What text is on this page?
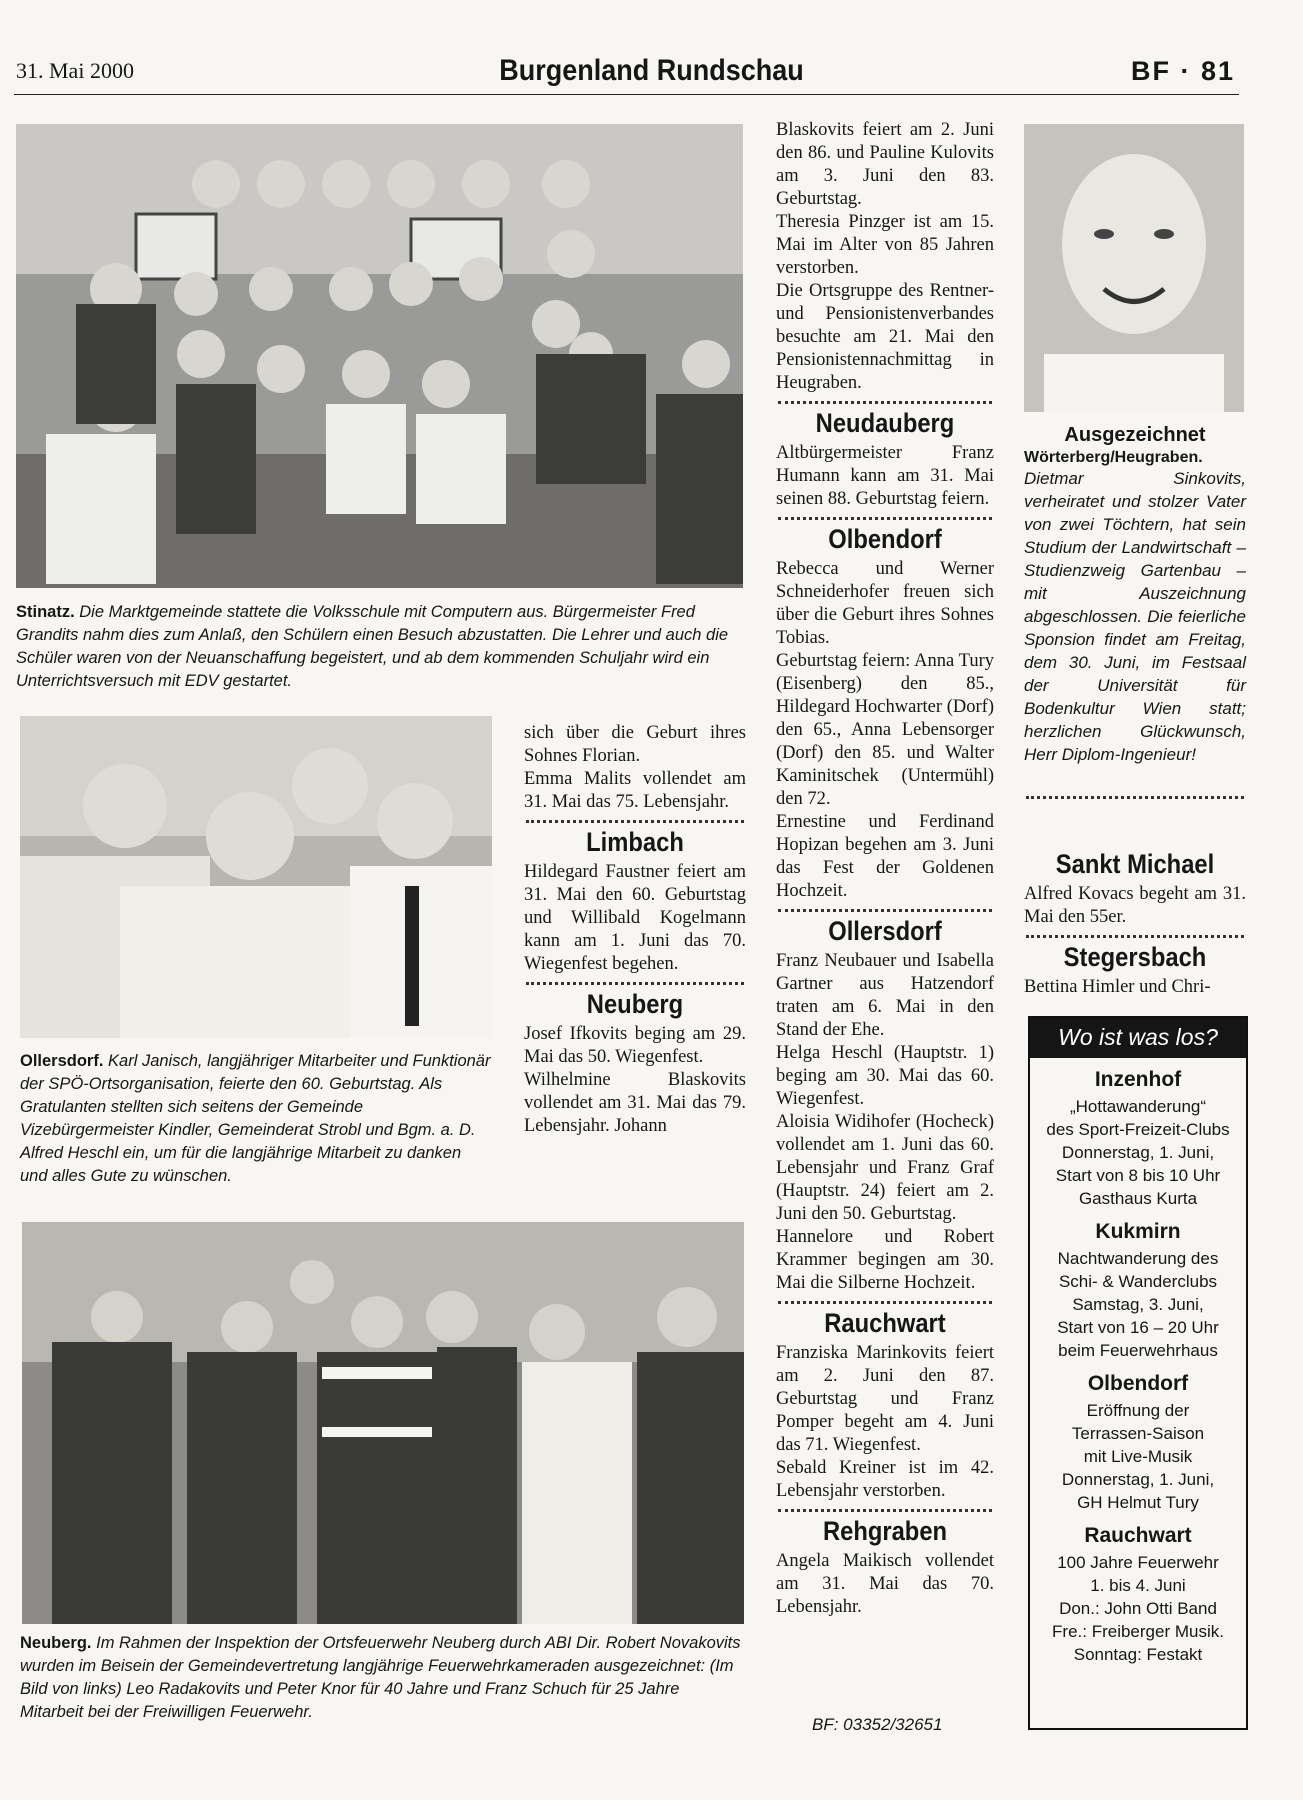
31. Mai 2000	Burgenland Rundschau	BF · 81
Stinatz. Die Marktgemeinde stattete die Volksschule mit Computern aus. Bürgermeister Fred Grandits nahm dies zum Anlaß, den Schülern einen Besuch abzustatten. Die Lehrer und auch die Schüler waren von der Neuanschaffung begeistert, und ab dem kommenden Schuljahr wird ein Unterrichtsversuch mit EDV gestartet.
Ollersdorf. Karl Janisch, langjähriger Mitarbeiter und Funktionär der SPÖ-Ortsorganisation, feierte den 60. Geburtstag. Als Gratulanten stellten sich seitens der Gemeinde Vizebürgermeister Kindler, Gemeinderat Strobl und Bgm. a. D. Alfred Heschl ein, um für die langjährige Mitarbeit zu danken und alles Gute zu wünschen.

sich über die Geburt ihres Sohnes Florian.

Emma Malits vollendet am 31. Mai das 75. Lebensjahr.

Limbach

Hildegard Faustner feiert am 31. Mai den 60. Geburtstag und Willibald Kogelmann kann am 1. Juni das 70. Wiegenfest begehen.

Neuberg

Josef Ifkovits beging am 29. Mai das 50. Wiegenfest.

Wilhelmine Blaskovits vollendet am 31. Mai das 79. Lebensjahr. Johann

Neuberg. Im Rahmen der Inspektion der Ortsfeuerwehr Neuberg durch ABI Dir. Robert Novakovits wurden im Beisein der Gemeindevertretung langjährige Feuerwehrkameraden ausgezeichnet: (Im Bild von links) Leo Radakovits und Peter Knor für 40 Jahre und Franz Schuch für 25 Jahre Mitarbeit bei der Freiwilligen Feuerwehr.

Blaskovits feiert am 2. Juni den 86. und Pauline Kulovits am 3. Juni den 83. Geburtstag.

Theresia Pinzger ist am 15. Mai im Alter von 85 Jahren verstorben.

Die Ortsgruppe des Rentner- und Pensionistenverbandes besuchte am 21. Mai den Pensionistennachmittag in Heugraben.

Neudauberg

Altbürgermeister Franz Humann kann am 31. Mai seinen 88. Geburtstag feiern.

Olbendorf

Rebecca und Werner Schneiderhofer freuen sich über die Geburt ihres Sohnes Tobias.

Geburtstag feiern: Anna Tury (Eisenberg) den 85., Hildegard Hochwarter (Dorf) den 65., Anna Lebensorger (Dorf) den 85. und Walter Kaminitschek (Untermühl) den 72.

Ernestine und Ferdinand Hopizan begehen am 3. Juni das Fest der Goldenen Hochzeit.

Ollersdorf

Franz Neubauer und Isabella Gartner aus Hatzendorf traten am 6. Mai in den Stand der Ehe.

Helga Heschl (Hauptstr. 1) beging am 30. Mai das 60. Wiegenfest.

Aloisia Widihofer (Hocheck) vollendet am 1. Juni das 60. Lebensjahr und Franz Graf (Hauptstr. 24) feiert am 2. Juni den 50. Geburtstag.

Hannelore und Robert Krammer begingen am 30. Mai die Silberne Hochzeit.

Rauchwart

Franziska Marinkovits feiert am 2. Juni den 87. Geburtstag und Franz Pomper begeht am 4. Juni das 71. Wiegenfest.

Sebald Kreiner ist im 42. Lebensjahr verstorben.

Rehgraben

Angela Maikisch vollendet am 31. Mai das 70. Lebensjahr.

BF: 03352/32651
Ausgezeichnet

Wörterberg/Heugraben.

Dietmar Sinkovits, verheiratet und stolzer Vater von zwei Töchtern, hat sein Studium der Landwirtschaft – Studienzweig Gartenbau – mit Auszeichnung abgeschlossen. Die feierliche Sponsion findet am Freitag, dem 30. Juni, im Festsaal der Universität für Bodenkultur Wien statt; herzlichen Glückwunsch, Herr Diplom-Ingenieur!

Sankt Michael

Alfred Kovacs begeht am 31. Mai den 55er.

Stegersbach

Bettina Himler und Chri-

Wo ist was los?
Inzenhof
„Hottawanderung“
des Sport-Freizeit-Clubs
Donnerstag, 1. Juni,
Start von 8 bis 10 Uhr
Gasthaus Kurta
Kukmirn
Nachtwanderung des
Schi- & Wanderclubs
Samstag, 3. Juni,
Start von 16 – 20 Uhr
beim Feuerwehrhaus
Olbendorf
Eröffnung der
Terrassen-Saison
mit Live-Musik
Donnerstag, 1. Juni,
GH Helmut Tury
Rauchwart
100 Jahre Feuerwehr
1. bis 4. Juni
Don.: John Otti Band
Fre.: Freiberger Musik.
Sonntag: Festakt
